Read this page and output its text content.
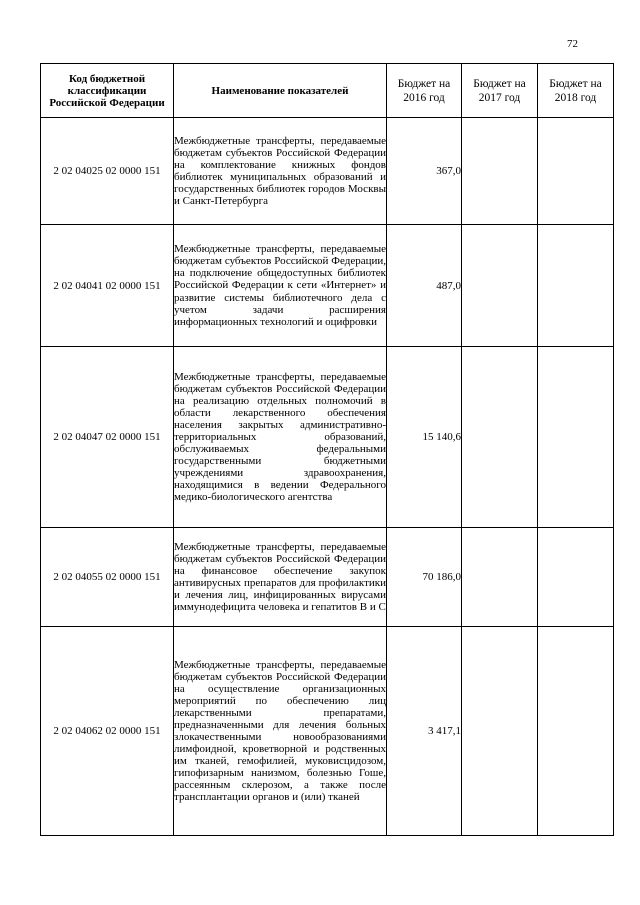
72
Код бюджетной классификации Российской Федерации	Наименование показателей	Бюджет на 2016 год	Бюджет на 2017 год	Бюджет на 2018 год
2 02 04025 02 0000 151	Межбюджетные трансферты, передаваемые бюджетам субъектов Российской Федерации на комплектование книжных фондов библиотек муниципальных образований и государственных библиотек городов Москвы и Санкт-Петербурга	367,0		
2 02 04041 02 0000 151	Межбюджетные трансферты, передаваемые бюджетам субъектов Российской Федерации, на подключение общедоступных библиотек Российской Федерации к сети «Интернет» и развитие системы библиотечного дела с учетом задачи расширения информационных технологий и оцифровки	487,0		
2 02 04047 02 0000 151	Межбюджетные трансферты, передаваемые бюджетам субъектов Российской Федерации на реализацию отдельных полномочий в области лекарственного обеспечения населения закрытых административно-территориальных образований, обслуживаемых федеральными государственными бюджетными учреждениями здравоохранения, находящимися в ведении Федерального медико-биологического агентства	15 140,6		
2 02 04055 02 0000 151	Межбюджетные трансферты, передаваемые бюджетам субъектов Российской Федерации на финансовое обеспечение закупок антивирусных препаратов для профилактики и лечения лиц, инфицированных вирусами иммунодефицита человека и гепатитов B и C	70 186,0		
2 02 04062 02 0000 151	Межбюджетные трансферты, передаваемые бюджетам субъектов Российской Федерации на осуществление организационных мероприятий по обеспечению лиц лекарственными препаратами, предназначенными для лечения больных злокачественными новообразованиями лимфоидной, кроветворной и родственных им тканей, гемофилией, муковисцидозом, гипофизарным нанизмом, болезнью Гоше, рассеянным склерозом, а также после трансплантации органов и (или) тканей	3 417,1		
